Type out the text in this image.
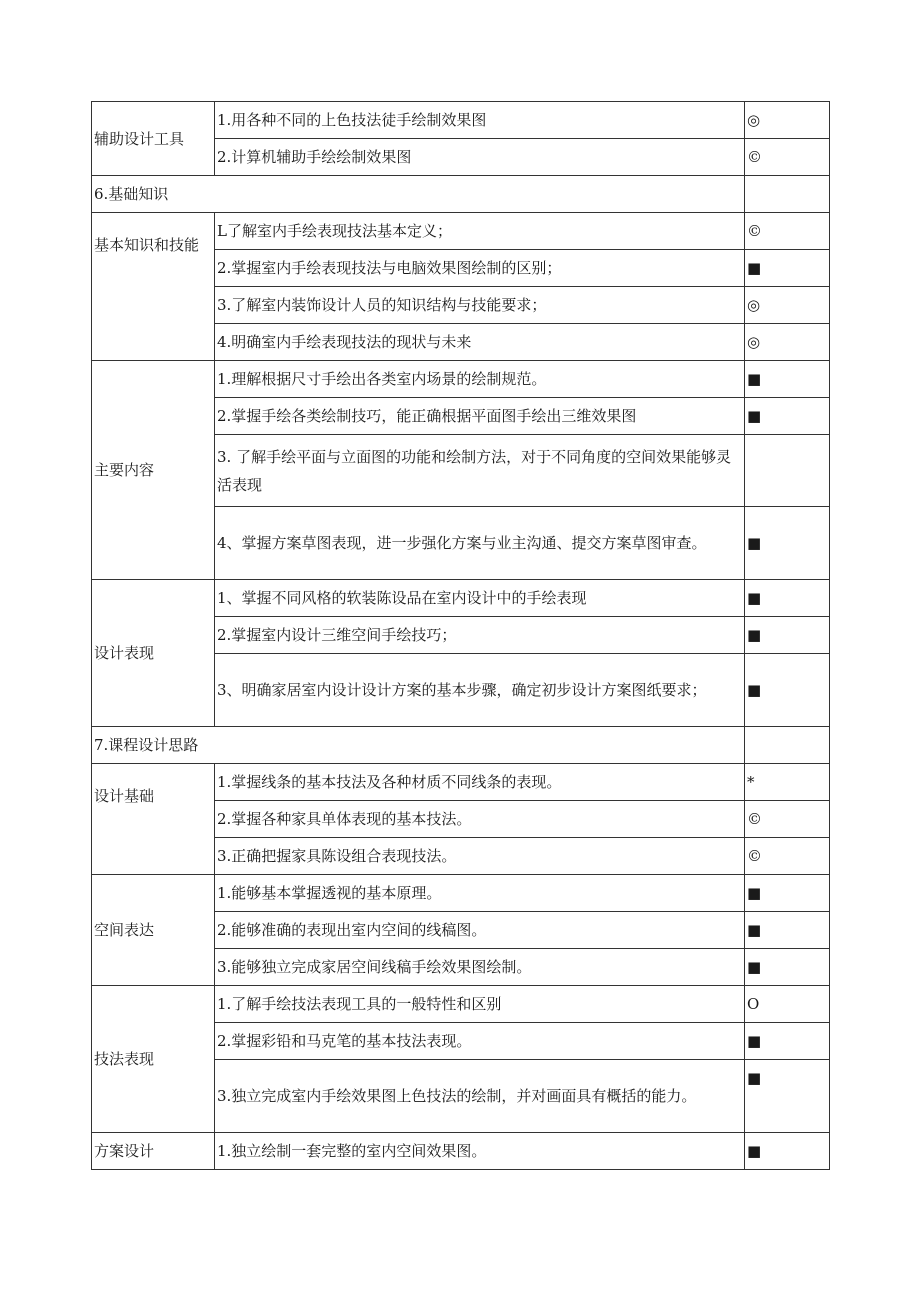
辅助设计工具	1.用各种不同的上色技法徒手绘制效果图	◎
	2.计算机辅助手绘绘制效果图	©
6.基础知识		
基本知识和技能	L了解室内手绘表现技法基本定义；	©
	2.掌握室内手绘表现技法与电脑效果图绘制的区别；	■
	3.了解室内装饰设计人员的知识结构与技能要求；	◎
	4.明确室内手绘表现技法的现状与未来	◎
主要内容	1.理解根据尺寸手绘出各类室内场景的绘制规范。	■
	2.掌握手绘各类绘制技巧，能正确根据平面图手绘出三维效果图	■
	3. 了解手绘平面与立面图的功能和绘制方法，对于不同角度的空间效果能够灵活表现	
	4、掌握方案草图表现，进一步强化方案与业主沟通、提交方案草图审查。	■
设计表现	1、掌握不同风格的软装陈设品在室内设计中的手绘表现	■
	2.掌握室内设计三维空间手绘技巧；	■
	3、明确家居室内设计设计方案的基本步骤，确定初步设计方案图纸要求；	■
7.课程设计思路		
设计基础	1.掌握线条的基本技法及各种材质不同线条的表现。	*
	2.掌握各种家具单体表现的基本技法。	©
	3.正确把握家具陈设组合表现技法。	©
空间表达	1.能够基本掌握透视的基本原理。	■
	2.能够准确的表现出室内空间的线稿图。	■
	3.能够独立完成家居空间线稿手绘效果图绘制。	■
技法表现	1.了解手绘技法表现工具的一般特性和区别	O
	2.掌握彩铅和马克笔的基本技法表现。	■
	3.独立完成室内手绘效果图上色技法的绘制，并对画面具有概括的能力。	■
方案设计	1.独立绘制一套完整的室内空间效果图。	■
